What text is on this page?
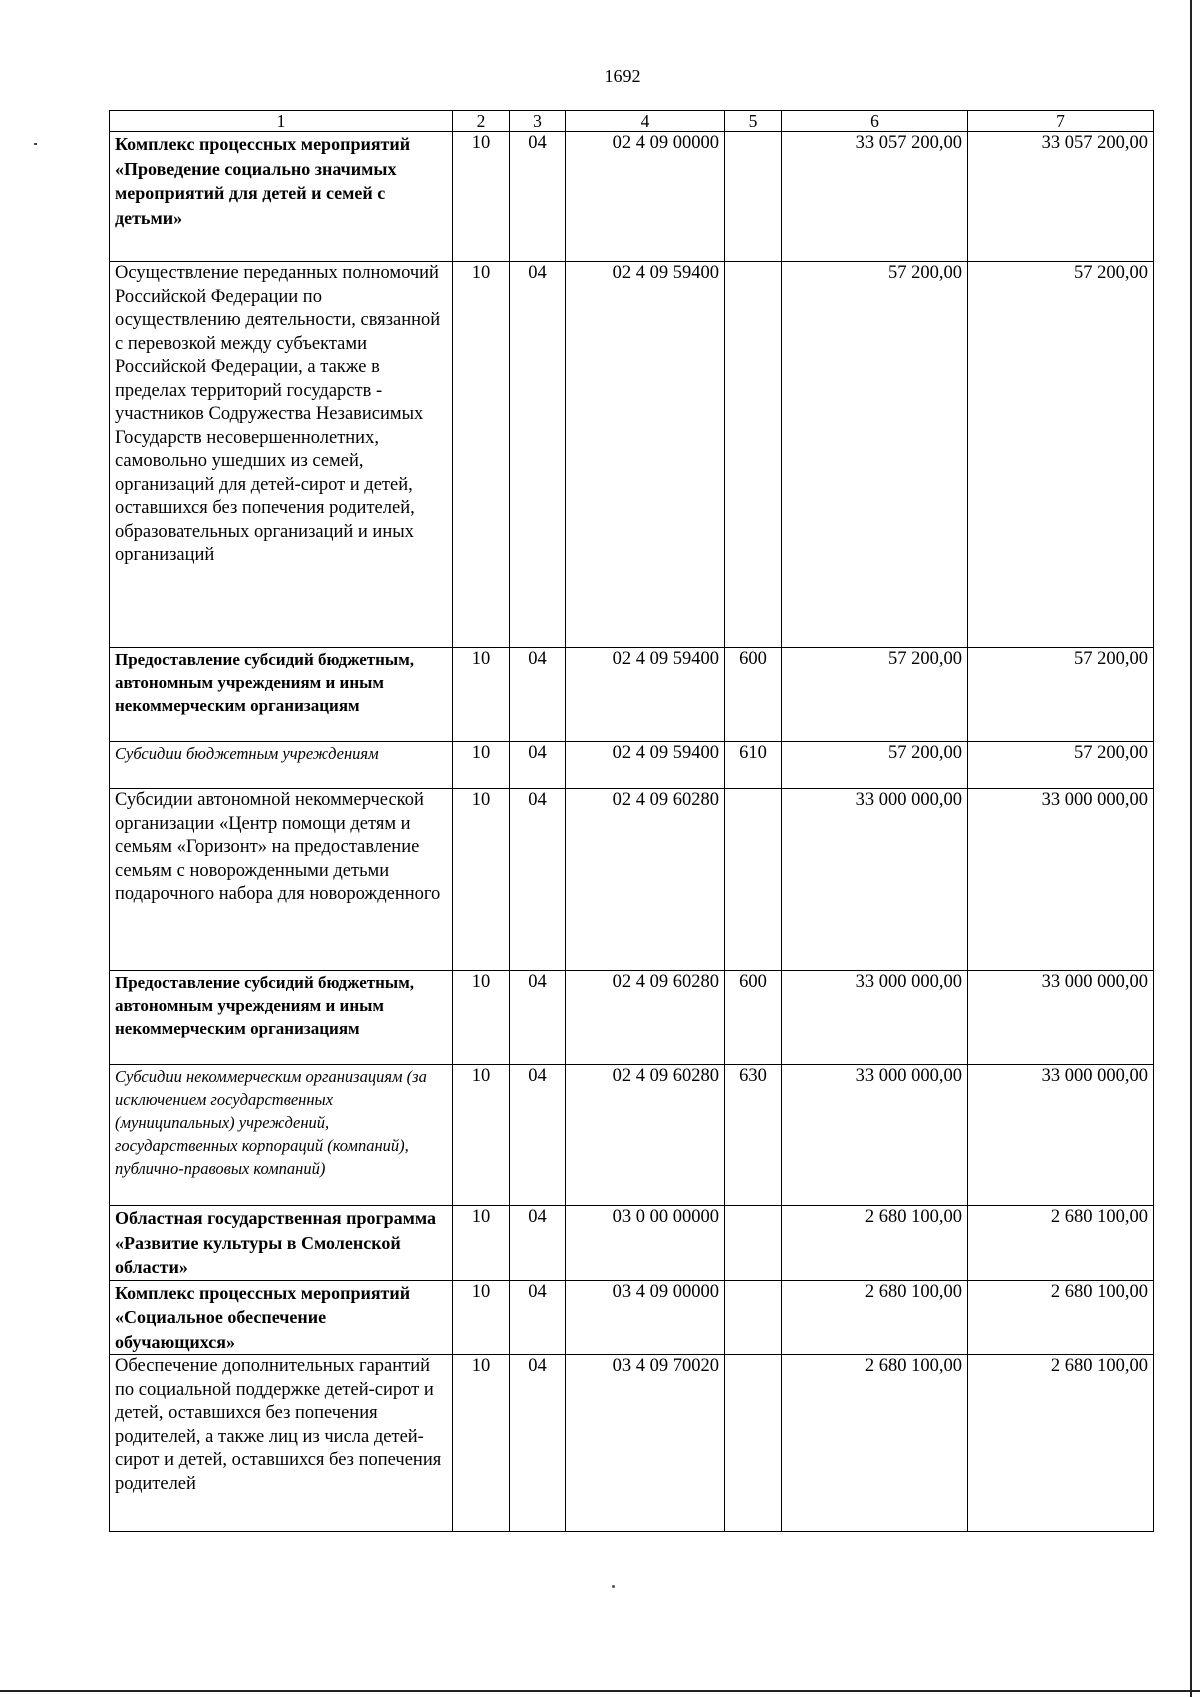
1692
1	2	3	4	5	6	7
Комплекс процессных мероприятий «Проведение социально значимых мероприятий для детей и семей с детьми»	10	04	02 4 09 00000		33 057 200,00	33 057 200,00
Осуществление переданных полномочий Российской Федерации по осуществлению деятельности, связанной с перевозкой между субъектами Российской Федерации, а также в пределах территорий государств - участников Содружества Независимых Государств несовершеннолетних, самовольно ушедших из семей, организаций для детей-сирот и детей, оставшихся без попечения родителей, образовательных организаций и иных организаций	10	04	02 4 09 59400		57 200,00	57 200,00
Предоставление субсидий бюджетным, автономным учреждениям и иным некоммерческим организациям	10	04	02 4 09 59400	600	57 200,00	57 200,00
Субсидии бюджетным учреждениям	10	04	02 4 09 59400	610	57 200,00	57 200,00
Субсидии автономной некоммерческой организации «Центр помощи детям и семьям «Горизонт» на предоставление семьям с новорожденными детьми подарочного набора для новорожденного	10	04	02 4 09 60280		33 000 000,00	33 000 000,00
Предоставление субсидий бюджетным, автономным учреждениям и иным некоммерческим организациям	10	04	02 4 09 60280	600	33 000 000,00	33 000 000,00
Субсидии некоммерческим организациям (за исключением государственных (муниципальных) учреждений, государственных корпораций (компаний), публично-правовых компаний)	10	04	02 4 09 60280	630	33 000 000,00	33 000 000,00
Областная государственная программа «Развитие культуры в Смоленской области»	10	04	03 0 00 00000		2 680 100,00	2 680 100,00
Комплекс процессных мероприятий «Социальное обеспечение обучающихся»	10	04	03 4 09 00000		2 680 100,00	2 680 100,00
Обеспечение дополнительных гарантий по социальной поддержке детей-сирот и детей, оставшихся без попечения родителей, а также лиц из числа детей-сирот и детей, оставшихся без попечения родителей	10	04	03 4 09 70020		2 680 100,00	2 680 100,00
